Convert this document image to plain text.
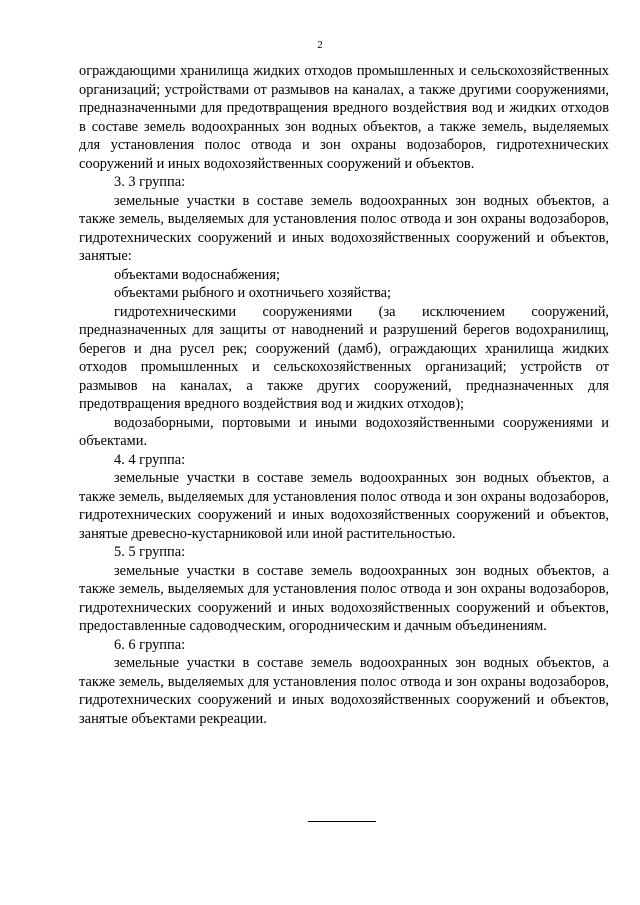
2

ограждающими хранилища жидких отходов промышленных и сельскохозяйственных организаций; устройствами от размывов на каналах, а также другими сооружениями, предназначенными для предотвращения вредного воздействия вод и жидких отходов в составе земель водоохранных зон водных объектов, а также земель, выделяемых для установления полос отвода и зон охраны водозаборов, гидротехнических сооружений и иных водохозяйственных сооружений и объектов.

3. 3 группа:

земельные участки в составе земель водоохранных зон водных объектов, а также земель, выделяемых для установления полос отвода и зон охраны водозаборов, гидротехнических сооружений и иных водохозяйственных сооружений и объектов, занятые:

объектами водоснабжения;

объектами рыбного и охотничьего хозяйства;

гидротехническими сооружениями (за исключением сооружений, предназначенных для защиты от наводнений и разрушений берегов водохранилищ, берегов и дна русел рек; сооружений (дамб), ограждающих хранилища жидких отходов промышленных и сельскохозяйственных организаций; устройств от размывов на каналах, а также других сооружений, предназначенных для предотвращения вредного воздействия вод и жидких отходов);

водозаборными, портовыми и иными водохозяйственными сооружениями и объектами.

4. 4 группа:

земельные участки в составе земель водоохранных зон водных объектов, а также земель, выделяемых для установления полос отвода и зон охраны водозаборов, гидротехнических сооружений и иных водохозяйственных сооружений и объектов, занятые древесно-кустарниковой или иной растительностью.

5. 5 группа:

земельные участки в составе земель водоохранных зон водных объектов, а также земель, выделяемых для установления полос отвода и зон охраны водозаборов, гидротехнических сооружений и иных водохозяйственных сооружений и объектов, предоставленные садоводческим, огородническим и дачным объединениям.

6. 6 группа:

земельные участки в составе земель водоохранных зон водных объектов, а также земель, выделяемых для установления полос отвода и зон охраны водозаборов, гидротехнических сооружений и иных водохозяйственных сооружений и объектов, занятые объектами рекреации.
